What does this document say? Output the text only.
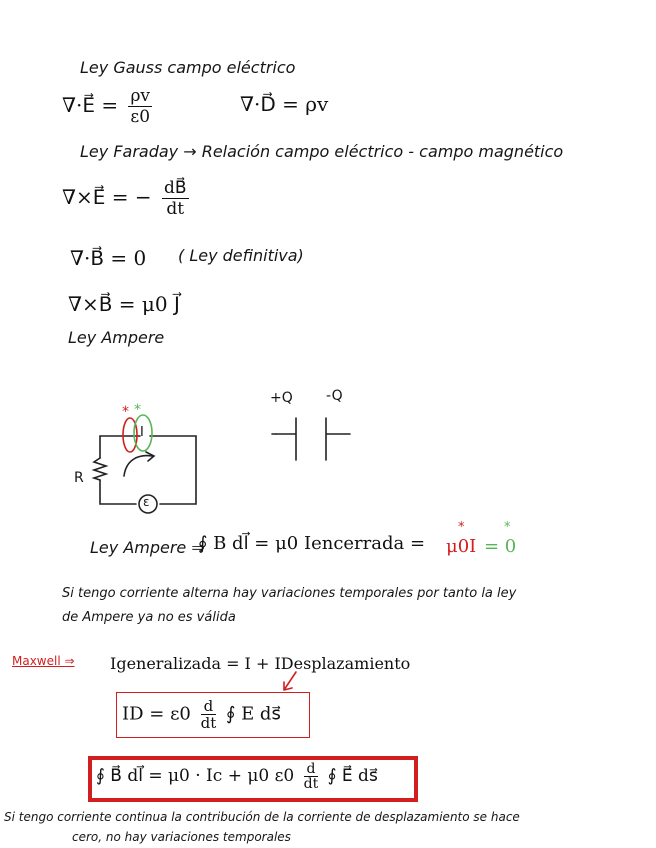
Ley Gauss campo eléctrico
∇·E⃗ = $\frac{\rho v}{\varepsilon 0}$	∇·D⃗ = ρv
Ley Faraday → Relación campo eléctrico - campo magnético
∇×E⃗ = − $\frac{dB⃗}{dt}$
∇·B⃗ = 0 ( Ley definitiva)
∇×B⃗ = μ0 J⃗
Ley Ampere
+Q -Q
R
ε
I
* *
Ley Ampere ⇒
∮ B dl⃗ = μ0 Iencerrada = μ0I = 0
*	*
Si tengo corriente alterna hay variaciones temporales por tanto la ley
de Ampere ya no es válida
Maxwell ⇒ Igeneralizada = I + IDesplazamiento
ID = $\varepsilon 0 \frac{d}{dt}$ ∮ E ds⃗
∮ B⃗ dl⃗ = μ0 · Ic + μ0 $\varepsilon 0 \frac{d}{dt}$ ∮ E⃗ ds⃗
Si tengo corriente continua la contribución de la corriente de desplazamiento se hace
cero, no hay variaciones temporales
